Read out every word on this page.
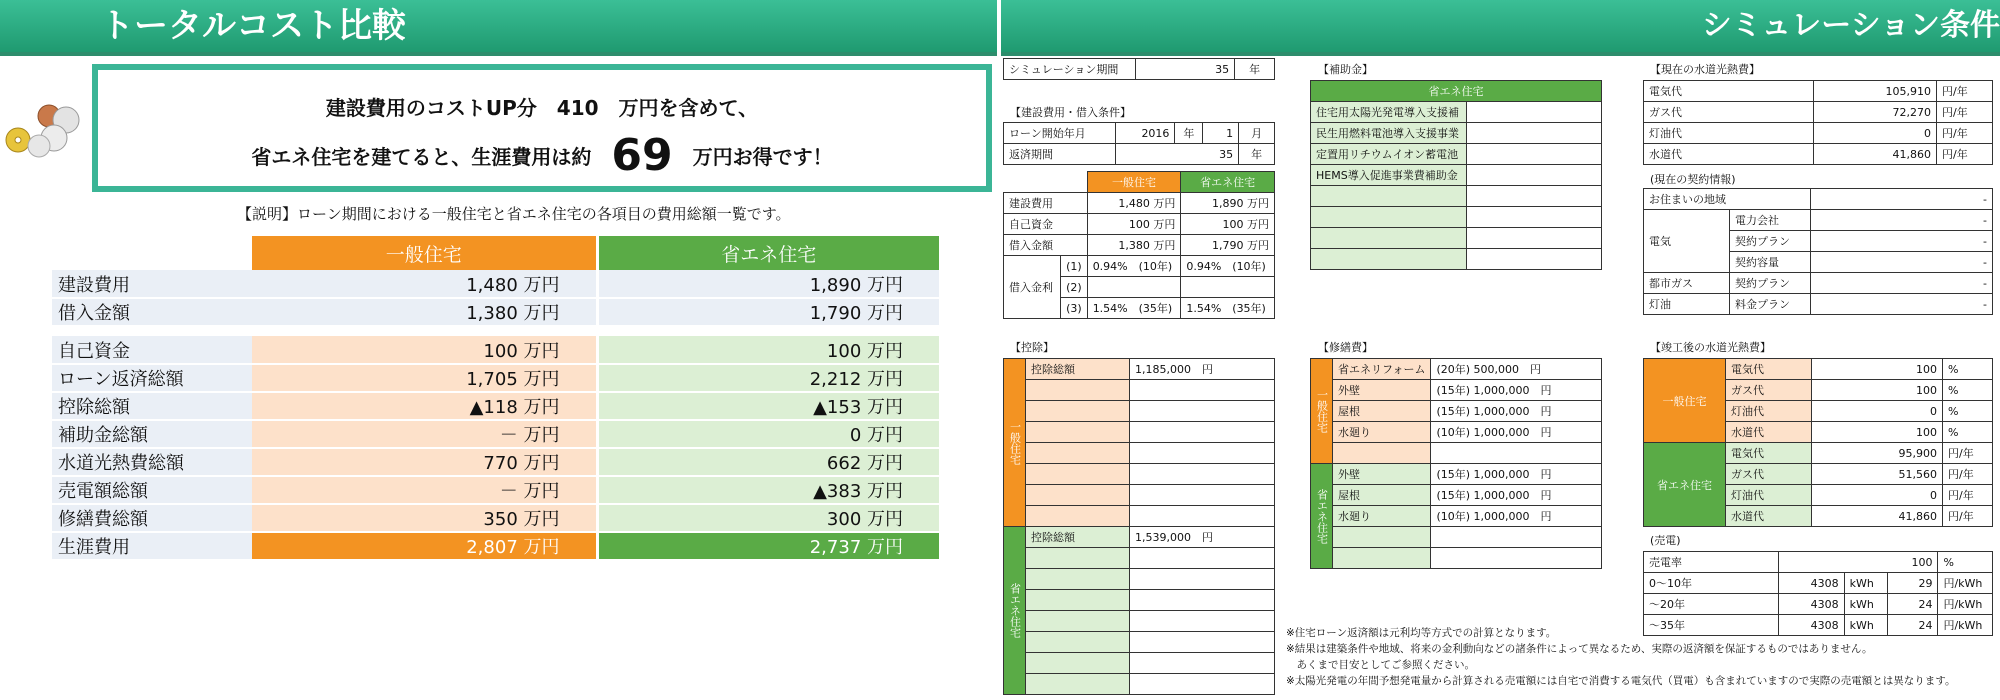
トータルコスト比較	シミュレーション条件
建設費用のコストUP分　410　万円を含めて、
省エネ住宅を建てると、生涯費用は約 69 万円お得です！
【説明】ローン期間における一般住宅と省エネ住宅の各項目の費用総額一覧です。
	一般住宅	省エネ住宅
建設費用	1,480 万円	1,890 万円
借入金額	1,380 万円	1,790 万円

自己資金	100 万円	100 万円
ローン返済総額	1,705 万円	2,212 万円
控除総額	▲118 万円	▲153 万円
補助金総額	－ 万円	0 万円
水道光熱費総額	770 万円	662 万円
売電額総額	－ 万円	▲383 万円
修繕費総額	350 万円	300 万円
生涯費用	2,807 万円	2,737 万円
シミュレーション期間	35	年
【建設費用・借入条件】
ローン開始年月	2016	年	1	月
返済期間	35			年
		一般住宅	省エネ住宅
建設費用		1,480 万円	1,890 万円
自己資金		100 万円	100 万円
借入金額		1,380 万円	1,790 万円
借入金利	(1)	0.94%　(10年)	0.94%　(10年)
	(2)		
	(3)	1.54%　(35年)	1.54%　(35年)
【補助金】
省エネ住宅	
住宅用太陽光発電導入支援補	
民生用燃料電池導入支援事業	
定置用リチウムイオン蓄電池	
HEMS導入促進事業費補助金	

【現在の水道光熱費】
電気代	105,910	円/年
ガス代	72,270	円/年
灯油代	0	円/年
水道代	41,860	円/年
(現在の契約情報)
お住まいの地域		-
電気	電力会社	-
	契約プラン	-
	契約容量	-
都市ガス	契約プラン	-
灯油	料金プラン	-
【控除】
一般住宅	控除総額	1,185,000　 円

省エネ住宅	控除総額	1,539,000　 円

【修繕費】
一般住宅	省エネリフォーム	(20年) 500,000　 円
	外壁	(15年) 1,000,000　 円
	屋根	(15年) 1,000,000　 円
	水廻り	(10年) 1,000,000　 円

省エネ住宅	外壁	(15年) 1,000,000　 円
	屋根	(15年) 1,000,000　 円
	水廻り	(10年) 1,000,000　 円

【竣工後の水道光熱費】
一般住宅	電気代	100	%
	ガス代	100	%
	灯油代	0	%
	水道代	100	%
省エネ住宅	電気代	95,900	円/年
	ガス代	51,560	円/年
	灯油代	0	円/年
	水道代	41,860	円/年
(売電)
売電率	100			%
0～10年	4308	kWh	29	円/kWh
～20年	4308	kWh	24	円/kWh
～35年	4308	kWh	24	円/kWh
※住宅ローン返済額は元利均等方式での計算となります。
※結果は建築条件や地域、将来の金利動向などの諸条件によって異なるため、実際の返済額を保証するものではありません。
　あくまで目安としてご参照ください。
※太陽光発電の年間予想発電量から計算される売電額には自宅で消費する電気代（買電）も含まれていますので実際の売電額とは異なります。
